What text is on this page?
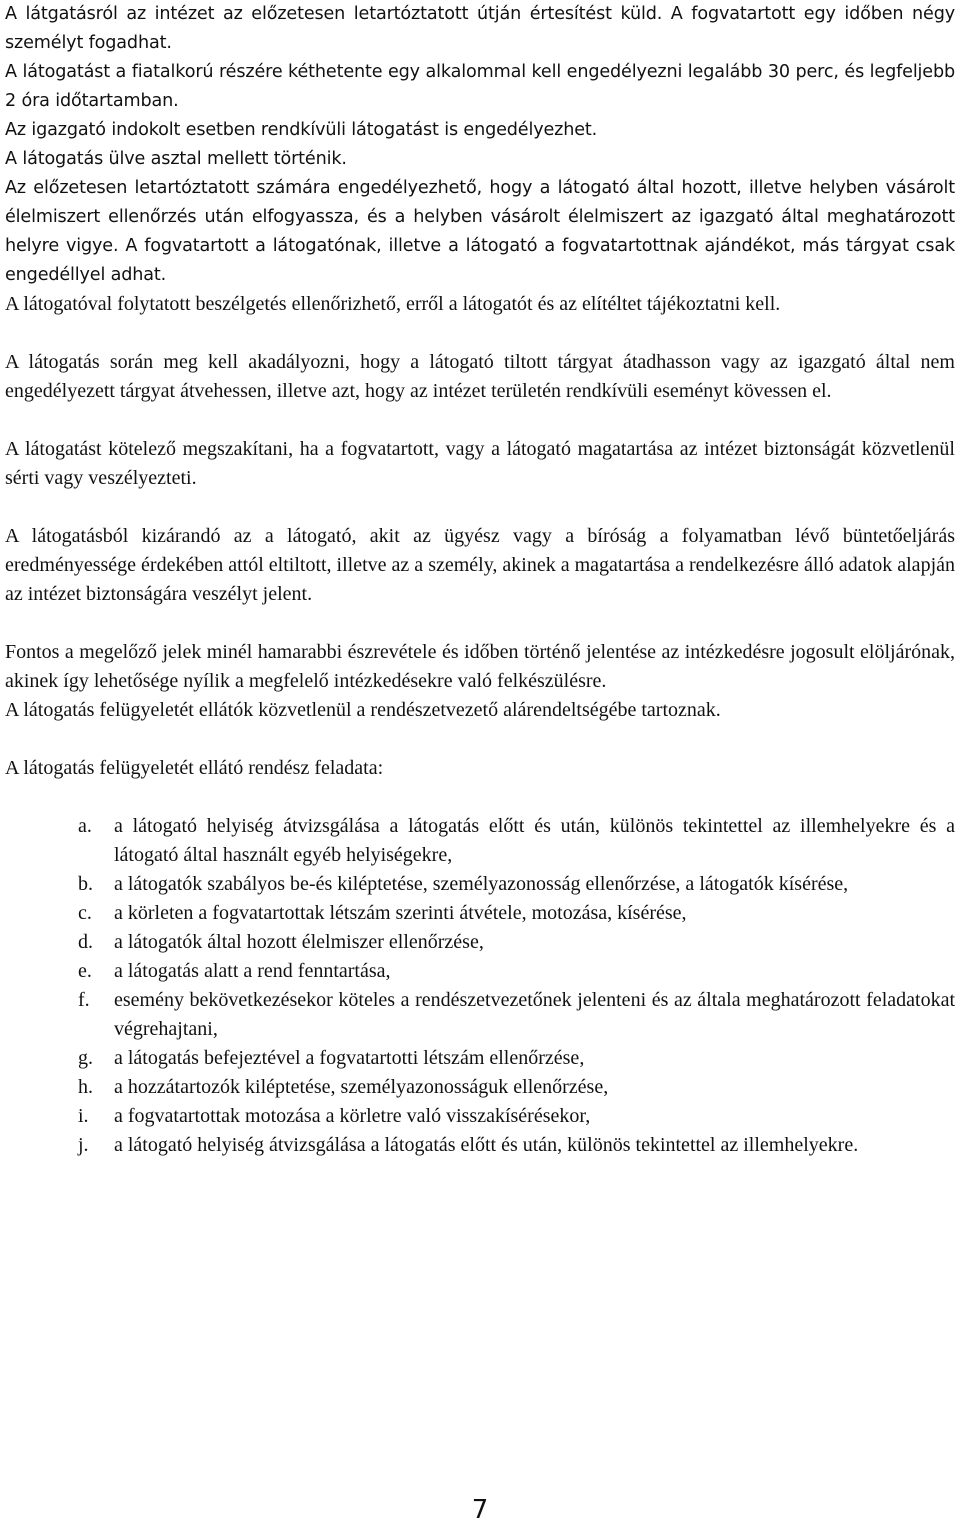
A látgatásról az intézet az előzetesen letartóztatott útján értesítést küld. A fogvatartott egy időben négy személyt fogadhat.

A látogatást a fiatalkorú részére kéthetente egy alkalommal kell engedélyezni legalább 30 perc, és legfeljebb 2 óra időtartamban.

Az igazgató indokolt esetben rendkívüli látogatást is engedélyezhet.

A látogatás ülve asztal mellett történik.

Az előzetesen letartóztatott számára engedélyezhető, hogy a látogató által hozott, illetve helyben vásárolt élelmiszert ellenőrzés után elfogyassza, és a helyben vásárolt élelmiszert az igazgató által meghatározott helyre vigye. A fogvatartott a látogatónak, illetve a látogató a fogvatartottnak ajándékot, más tárgyat csak engedéllyel adhat.

A látogatóval folytatott beszélgetés ellenőrizhető, erről a látogatót és az elítéltet tájékoztatni kell.

A látogatás során meg kell akadályozni, hogy a látogató tiltott tárgyat átadhasson vagy az igazgató által nem engedélyezett tárgyat átvehessen, illetve azt, hogy az intézet területén rendkívüli eseményt kövessen el.

A látogatást kötelező megszakítani, ha a fogvatartott, vagy a látogató magatartása az intézet biztonságát közvetlenül sérti vagy veszélyezteti.

A látogatásból kizárandó az a látogató, akit az ügyész vagy a bíróság a folyamatban lévő büntetőeljárás eredményessége érdekében attól eltiltott, illetve az a személy, akinek a magatartása a rendelkezésre álló adatok alapján az intézet biztonságára veszélyt jelent.

Fontos a megelőző jelek minél hamarabbi észrevétele és időben történő jelentése az intézkedésre jogosult elöljárónak, akinek így lehetősége nyílik a megfelelő intézkedésekre való felkészülésre.

A látogatás felügyeletét ellátók közvetlenül a rendészetvezető alárendeltségébe tartoznak.

A látogatás felügyeletét ellátó rendész feladata:

a.	a látogató helyiség átvizsgálása a látogatás előtt és után, különös tekintettel az illemhelyekre és a látogató által használt egyéb helyiségekre,
b.	a látogatók szabályos be-és kiléptetése, személyazonosság ellenőrzése, a látogatók kísérése,
c.	a körleten a fogvatartottak létszám szerinti átvétele, motozása, kísérése,
d.	a látogatók által hozott élelmiszer ellenőrzése,
e.	a látogatás alatt a rend fenntartása,
f.	esemény bekövetkezésekor köteles a rendészetvezetőnek jelenteni és az általa meghatározott feladatokat végrehajtani,
g.	a látogatás befejeztével a fogvatartotti létszám ellenőrzése,
h.	a hozzátartozók kiléptetése, személyazonosságuk ellenőrzése,
i.	a fogvatartottak motozása a körletre való visszakísérésekor,
j.	a látogató helyiség átvizsgálása a látogatás előtt és után, különös tekintettel az illemhelyekre.
7
